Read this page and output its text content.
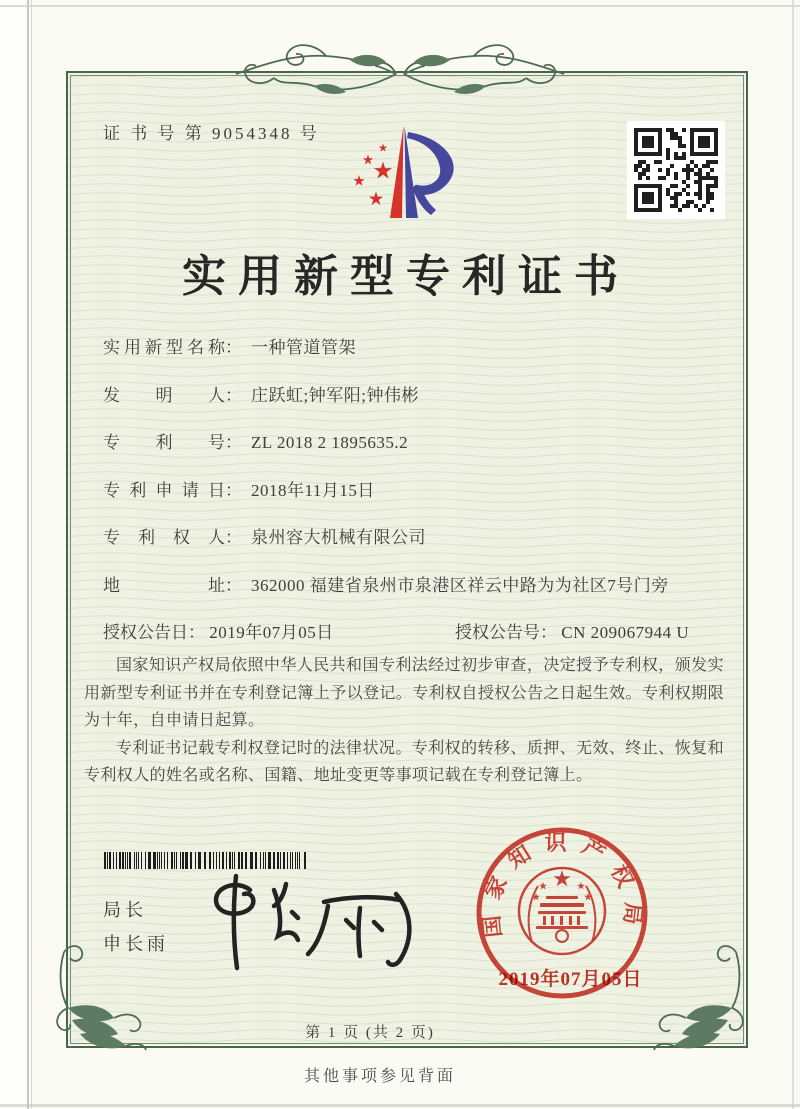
证 书 号 第 9054348 号
实用新型专利证书
实用新型名称： 一种管道管架
发明人： 庄跃虹;钟军阳;钟伟彬
专利号： ZL 2018 2 1895635.2
专利申请日： 2018年11月15日
专利权人： 泉州容大机械有限公司
地址： 362000 福建省泉州市泉港区祥云中路为为社区7号门旁
授权公告日： 2019年07月05日	授权公告号： CN 209067944 U

国家知识产权局依照中华人民共和国专利法经过初步审查，决定授予专利权，颁发实用新型专利证书并在专利登记簿上予以登记。专利权自授权公告之日起生效。专利权期限为十年，自申请日起算。

专利证书记载专利权登记时的法律状况。专利权的转移、质押、无效、终止、恢复和专利权人的姓名或名称、国籍、地址变更等事项记载在专利登记簿上。

局长
申长雨
国家知识产权局
2019年07月05日
第 1 页 (共 2 页)
其他事项参见背面
